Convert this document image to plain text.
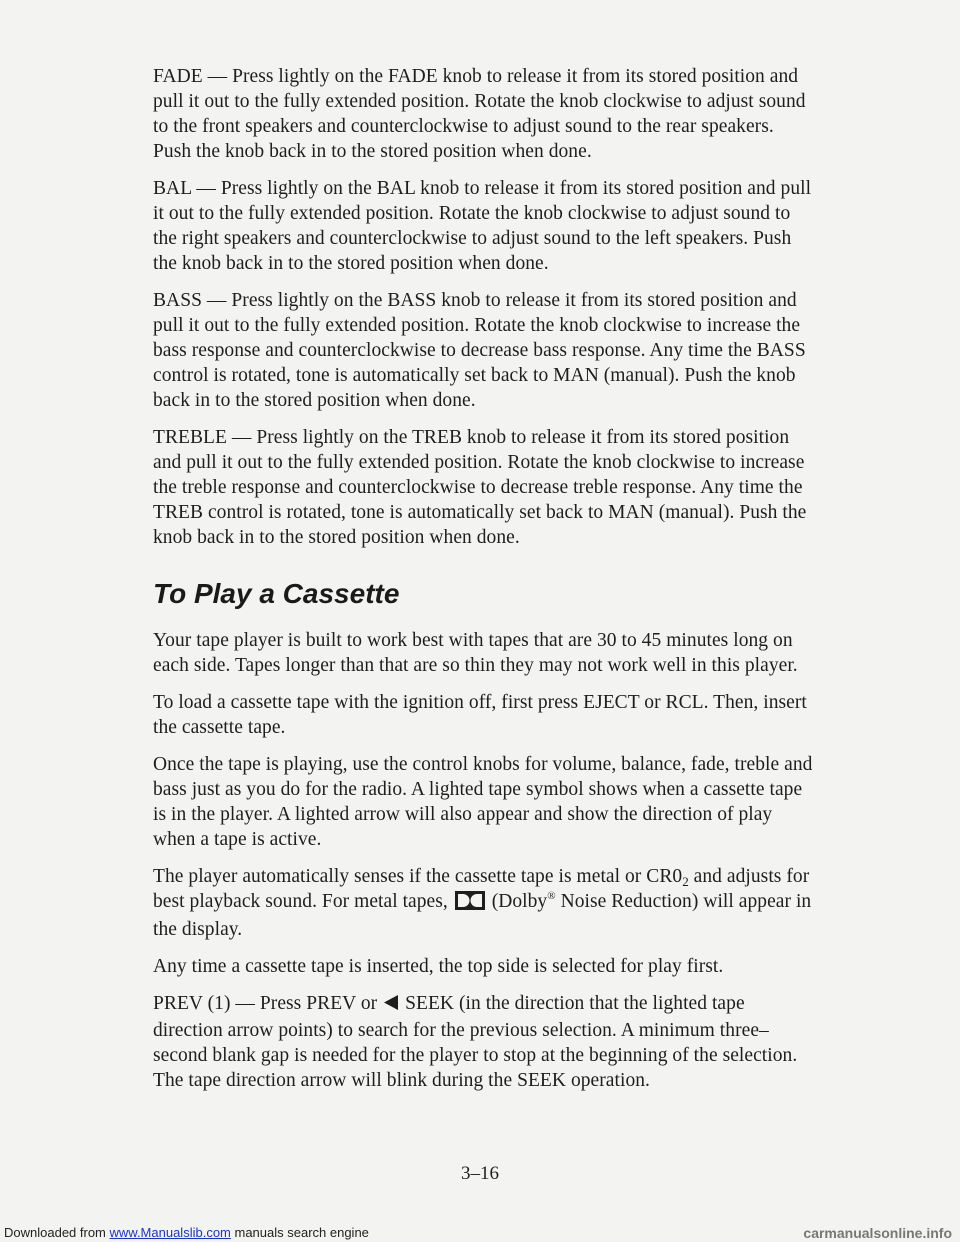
FADE — Press lightly on the FADE knob to release it from its stored position and pull it out to the fully extended position. Rotate the knob clockwise to adjust sound to the front speakers and counterclockwise to adjust sound to the rear speakers. Push the knob back in to the stored position when done.

BAL — Press lightly on the BAL knob to release it from its stored position and pull it out to the fully extended position. Rotate the knob clockwise to adjust sound to the right speakers and counterclockwise to adjust sound to the left speakers. Push the knob back in to the stored position when done.

BASS — Press lightly on the BASS knob to release it from its stored position and pull it out to the fully extended position. Rotate the knob clockwise to increase the bass response and counterclockwise to decrease bass response. Any time the BASS control is rotated, tone is automatically set back to MAN (manual). Push the knob back in to the stored position when done.

TREBLE — Press lightly on the TREB knob to release it from its stored position and pull it out to the fully extended position. Rotate the knob clockwise to increase the treble response and counterclockwise to decrease treble response. Any time the TREB control is rotated, tone is automatically set back to MAN (manual). Push the knob back in to the stored position when done.

To Play a Cassette

Your tape player is built to work best with tapes that are 30 to 45 minutes long on each side. Tapes longer than that are so thin they may not work well in this player.

To load a cassette tape with the ignition off, first press EJECT or RCL. Then, insert the cassette tape.

Once the tape is playing, use the control knobs for volume, balance, fade, treble and bass just as you do for the radio. A lighted tape symbol shows when a cassette tape is in the player. A lighted arrow will also appear and show the direction of play when a tape is active.

The player automatically senses if the cassette tape is metal or $CR0_2$ and adjusts for best playback sound. For metal tapes,  (Dolby® Noise Reduction) will appear in the display.

Any time a cassette tape is inserted, the top side is selected for play first.

PREV (1) — Press PREV or  SEEK (in the direction that the lighted tape direction arrow points) to search for the previous selection. A minimum three–second blank gap is needed for the player to stop at the beginning of the selection. The tape direction arrow will blink during the SEEK operation.

3–16
Downloaded from www.Manualslib.com manuals search engine	carmanualsonline.info
